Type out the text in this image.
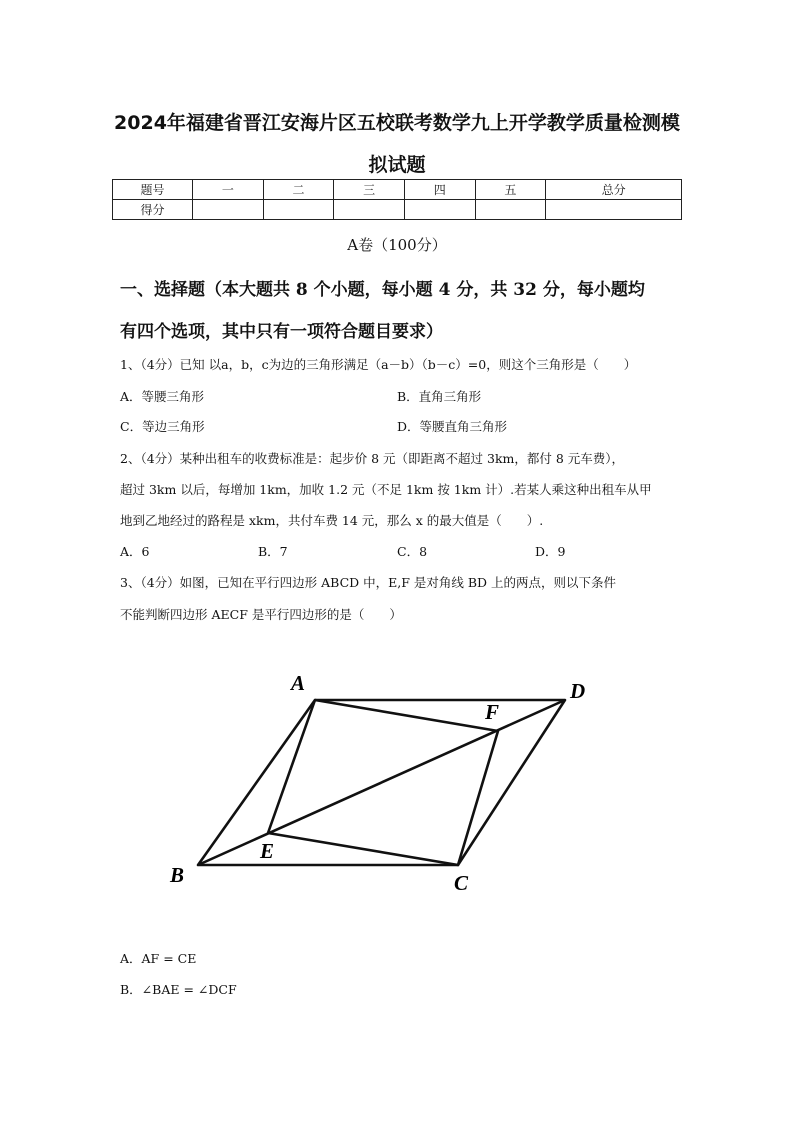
2024年福建省晋江安海片区五校联考数学九上开学教学质量检测模
拟试题
题号	一	二	三	四	五	总分
得分						
A卷（100分）
一、选择题（本大题共 8 个小题，每小题 4 分，共 32 分，每小题均
有四个选项，其中只有一项符合题目要求）
1、（4分）已知 以a，b，c为边的三角形满足（a－b）（b－c）=0，则这个三角形是（　　）
A．等腰三角形	B．直角三角形
C．等边三角形	D．等腰直角三角形
2、（4分）某种出租车的收费标准是：起步价 8 元（即距离不超过 3km，都付 8 元车费），
超过 3km 以后，每增加 1km，加收 1.2 元（不足 1km 按 1km 计）.若某人乘这种出租车从甲
地到乙地经过的路程是 xkm，共付车费 14 元，那么 x 的最大值是（　　）.
A．6	B．7	C．8	D．9
3、（4分）如图，已知在平行四边形 ABCD 中，E,F 是对角线 BD 上的两点，则以下条件
不能判断四边形 AECF 是平行四边形的是（　　）
A	D
F
E
B	C
A．AF = CE
B．∠BAE = ∠DCF
